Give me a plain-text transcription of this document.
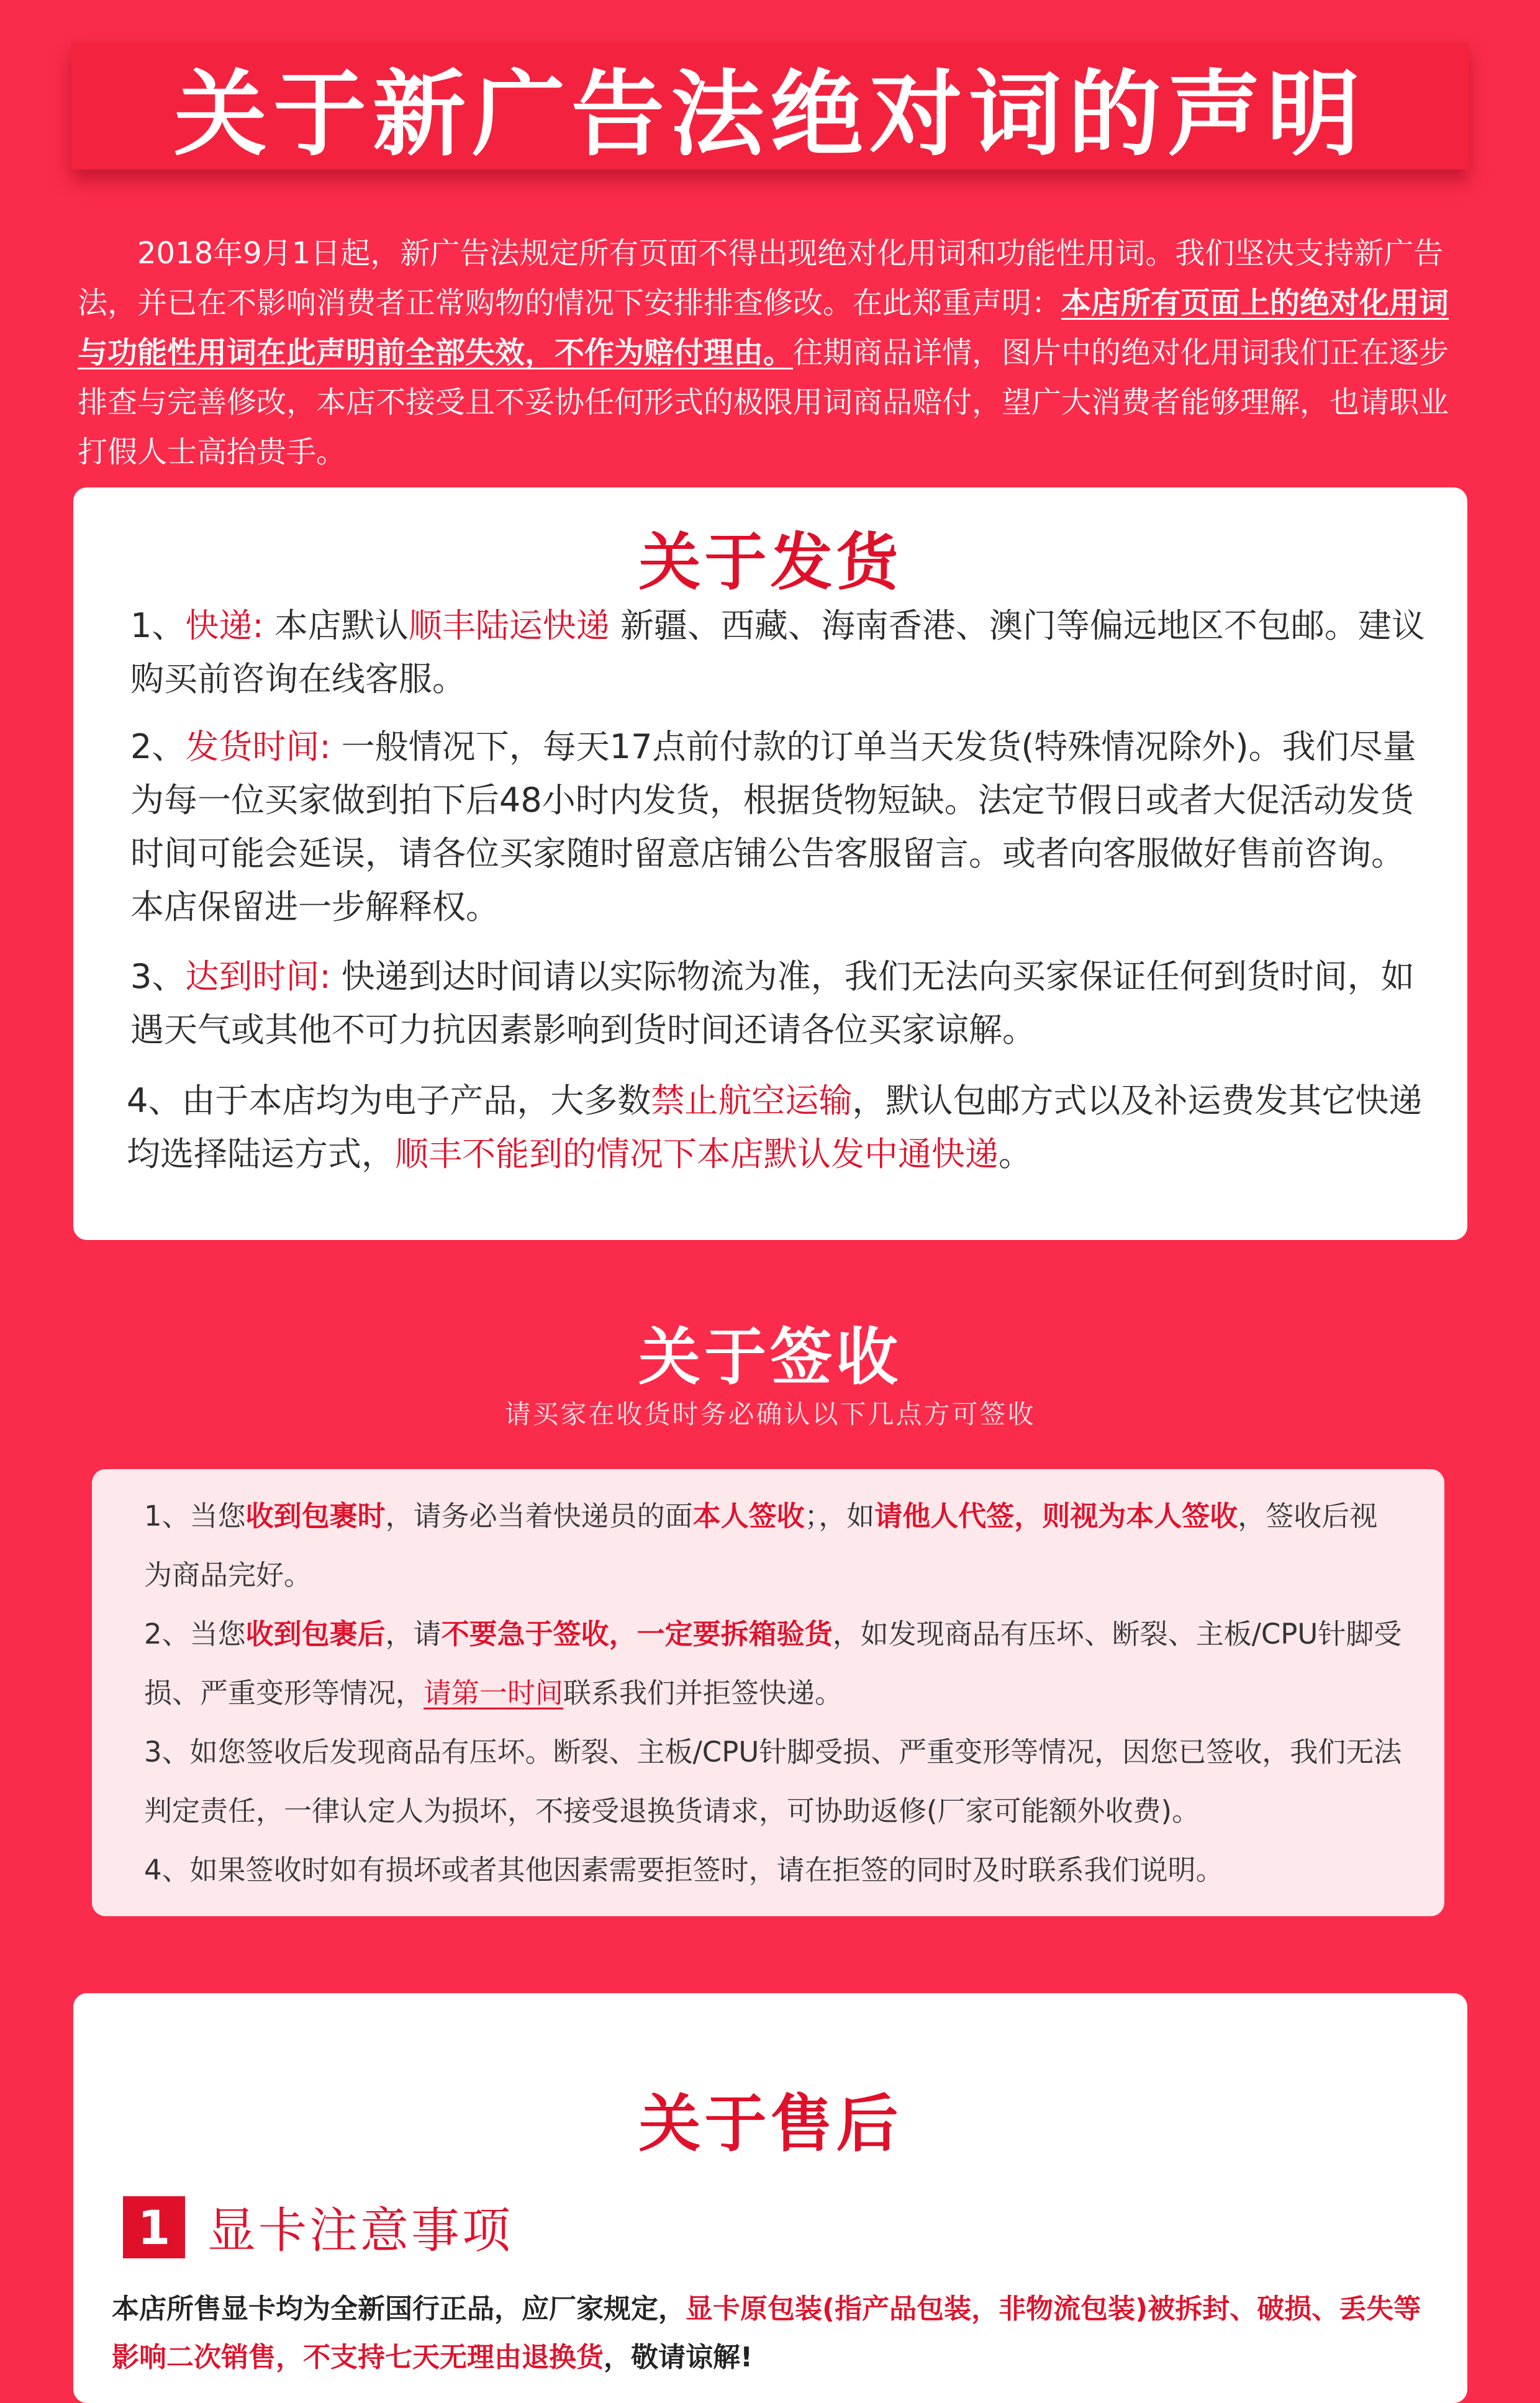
关于新广告法绝对词的声明

2018年9月1日起，新广告法规定所有页面不得出现绝对化用词和功能性用词。我们坚决支持新广告法，并已在不影响消费者正常购物的情况下安排排查修改。在此郑重声明：本店所有页面上的绝对化用词与功能性用词在此声明前全部失效，不作为赔付理由。往期商品详情，图片中的绝对化用词我们正在逐步排查与完善修改，本店不接受且不妥协任何形式的极限用词商品赔付，望广大消费者能够理解，也请职业打假人士高抬贵手。

关于发货

1、快递: 本店默认顺丰陆运快递 新疆、西藏、海南香港、澳门等偏远地区不包邮。建议购买前咨询在线客服。

2、发货时间: 一般情况下，每天17点前付款的订单当天发货(特殊情况除外)。我们尽量为每一位买家做到拍下后48小时内发货，根据货物短缺。法定节假日或者大促活动发货时间可能会延误，请各位买家随时留意店铺公告客服留言。或者向客服做好售前咨询。本店保留进一步解释权。

3、达到时间: 快递到达时间请以实际物流为准，我们无法向买家保证任何到货时间，如遇天气或其他不可力抗因素影响到货时间还请各位买家谅解。

4、由于本店均为电子产品，大多数禁止航空运输，默认包邮方式以及补运费发其它快递均选择陆运方式，顺丰不能到的情况下本店默认发中通快递。

关于签收
请买家在收货时务必确认以下几点方可签收

1、当您收到包裹时，请务必当着快递员的面本人签收；，如请他人代签，则视为本人签收，签收后视为商品完好。

2、当您收到包裹后，请不要急于签收，一定要拆箱验货，如发现商品有压坏、断裂、主板/CPU针脚受损、严重变形等情况，请第一时间联系我们并拒签快递。

3、如您签收后发现商品有压坏。断裂、主板/CPU针脚受损、严重变形等情况，因您已签收，我们无法判定责任，一律认定人为损坏，不接受退换货请求，可协助返修(厂家可能额外收费)。

4、如果签收时如有损坏或者其他因素需要拒签时，请在拒签的同时及时联系我们说明。

关于售后
1 显卡注意事项

本店所售显卡均为全新国行正品，应厂家规定，显卡原包装(指产品包装，非物流包装)被拆封、破损、丢失等影响二次销售，不支持七天无理由退换货，敬请谅解!
